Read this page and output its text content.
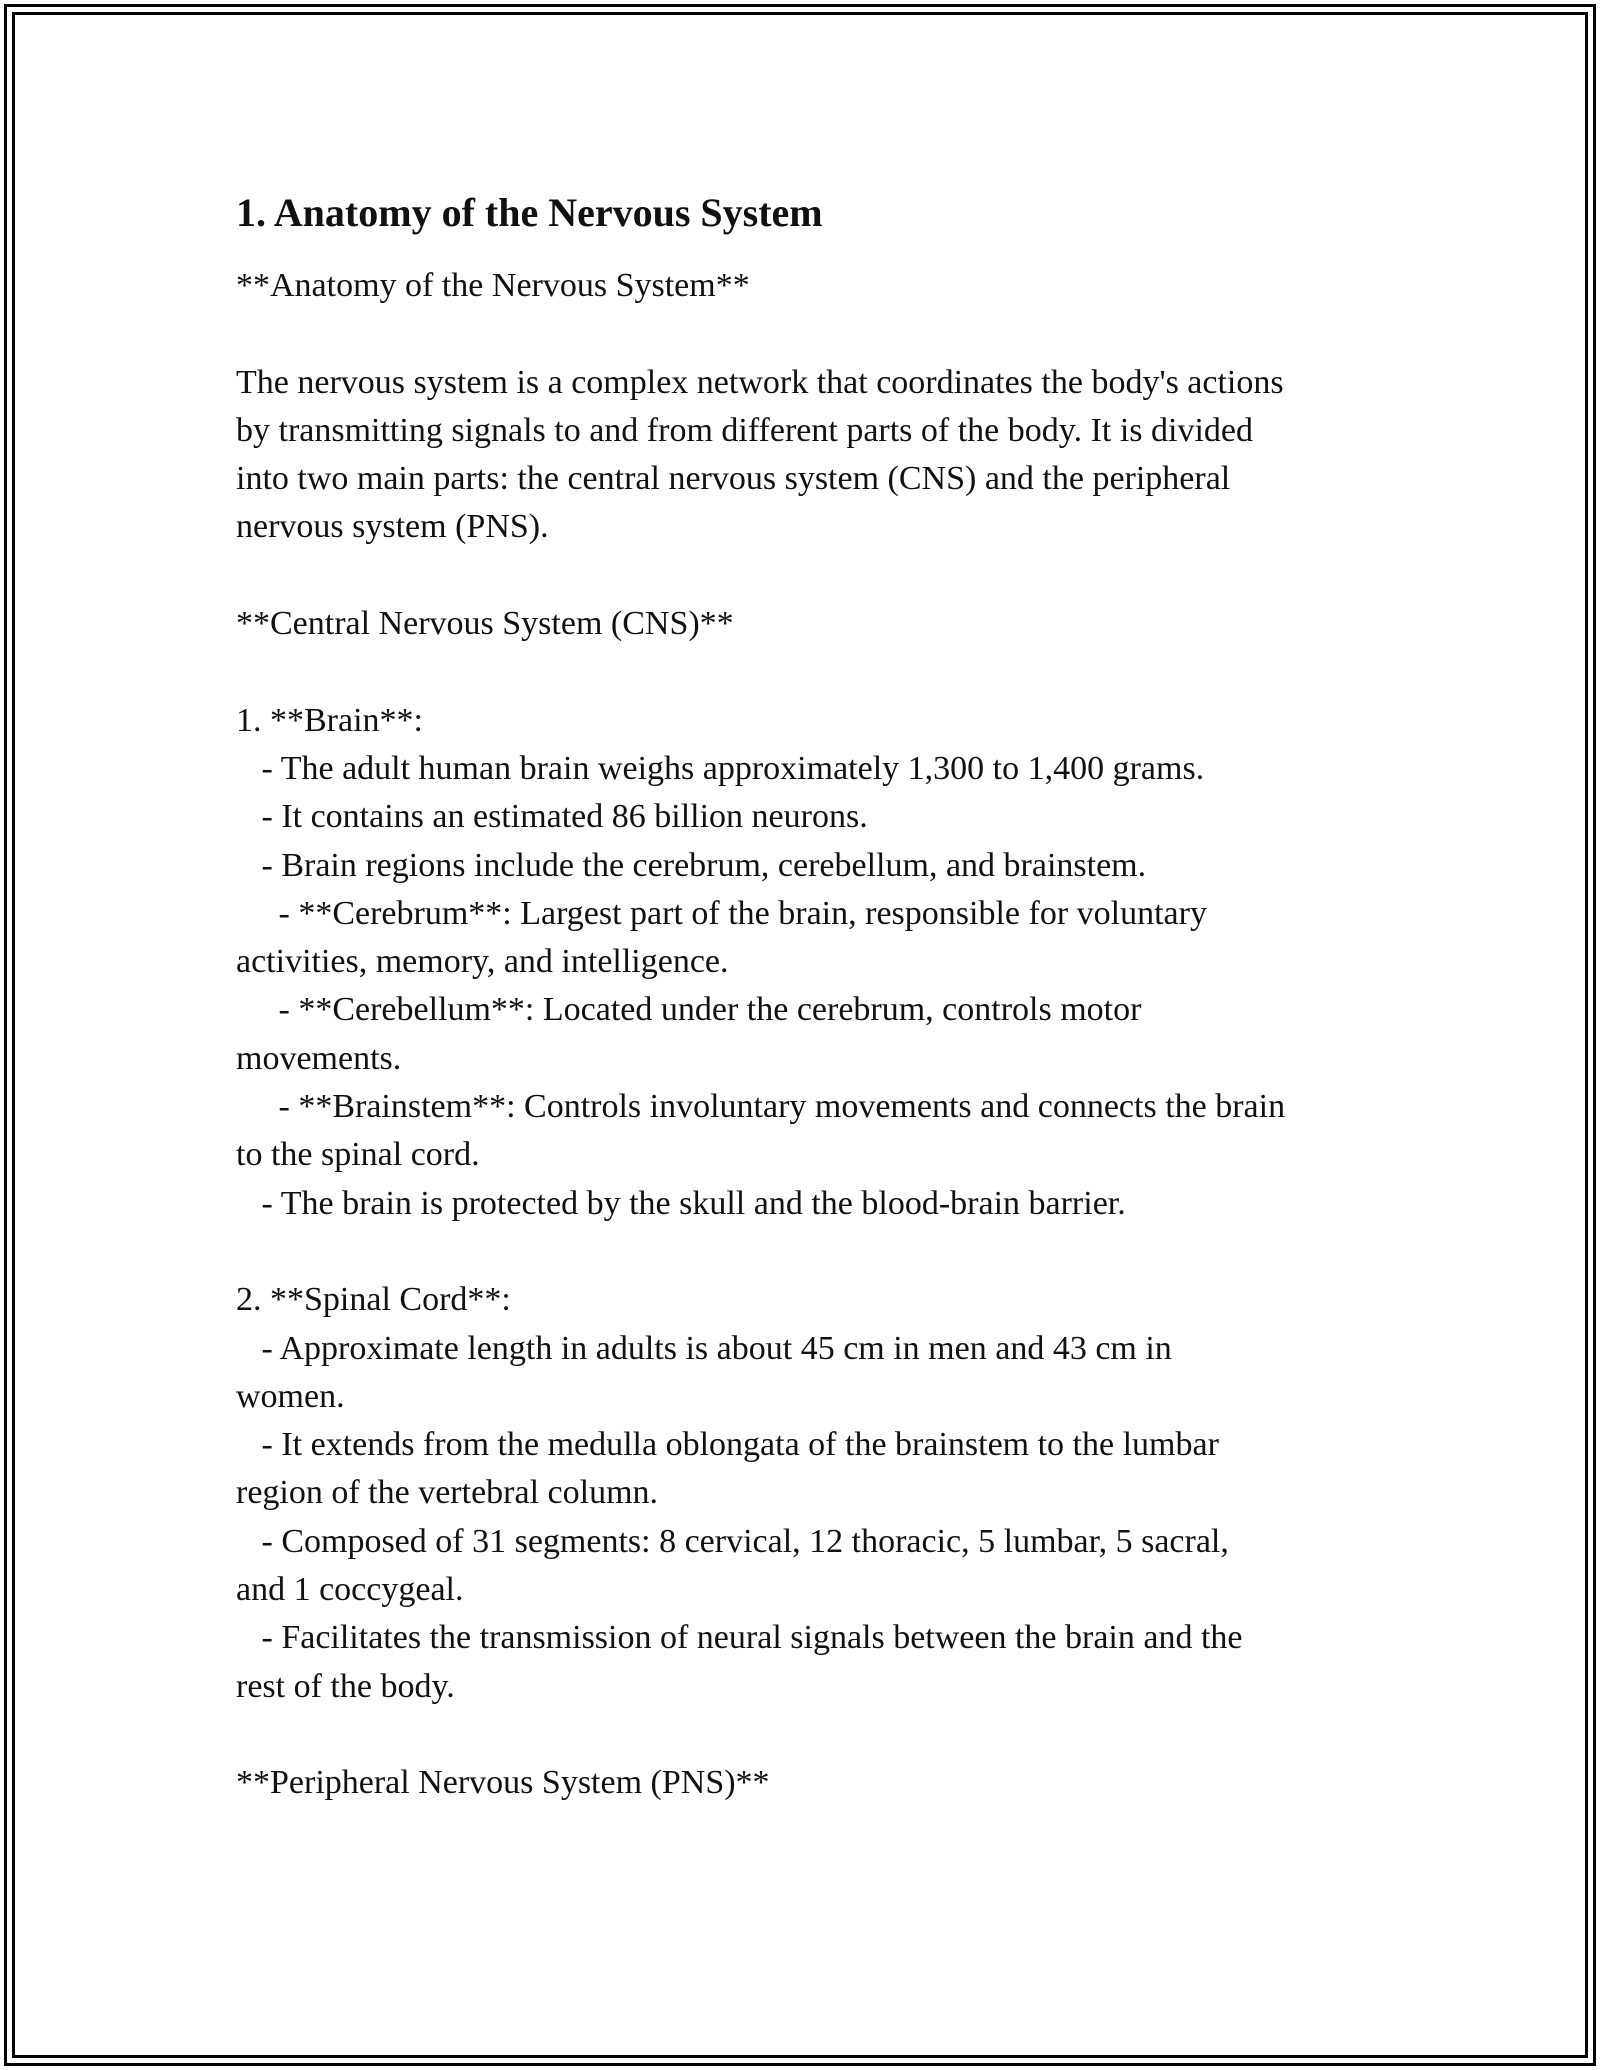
1. Anatomy of the Nervous System
**Anatomy of the Nervous System**

The nervous system is a complex network that coordinates the body's actions
by transmitting signals to and from different parts of the body. It is divided
into two main parts: the central nervous system (CNS) and the peripheral
nervous system (PNS).

**Central Nervous System (CNS)**

1. **Brain**:
- The adult human brain weighs approximately 1,300 to 1,400 grams.
- It contains an estimated 86 billion neurons.
- Brain regions include the cerebrum, cerebellum, and brainstem.
- **Cerebrum**: Largest part of the brain, responsible for voluntary
activities, memory, and intelligence.
- **Cerebellum**: Located under the cerebrum, controls motor
movements.
- **Brainstem**: Controls involuntary movements and connects the brain
to the spinal cord.
- The brain is protected by the skull and the blood-brain barrier.

2. **Spinal Cord**:
- Approximate length in adults is about 45 cm in men and 43 cm in
women.
- It extends from the medulla oblongata of the brainstem to the lumbar
region of the vertebral column.
- Composed of 31 segments: 8 cervical, 12 thoracic, 5 lumbar, 5 sacral,
and 1 coccygeal.
- Facilitates the transmission of neural signals between the brain and the
rest of the body.

**Peripheral Nervous System (PNS)**
